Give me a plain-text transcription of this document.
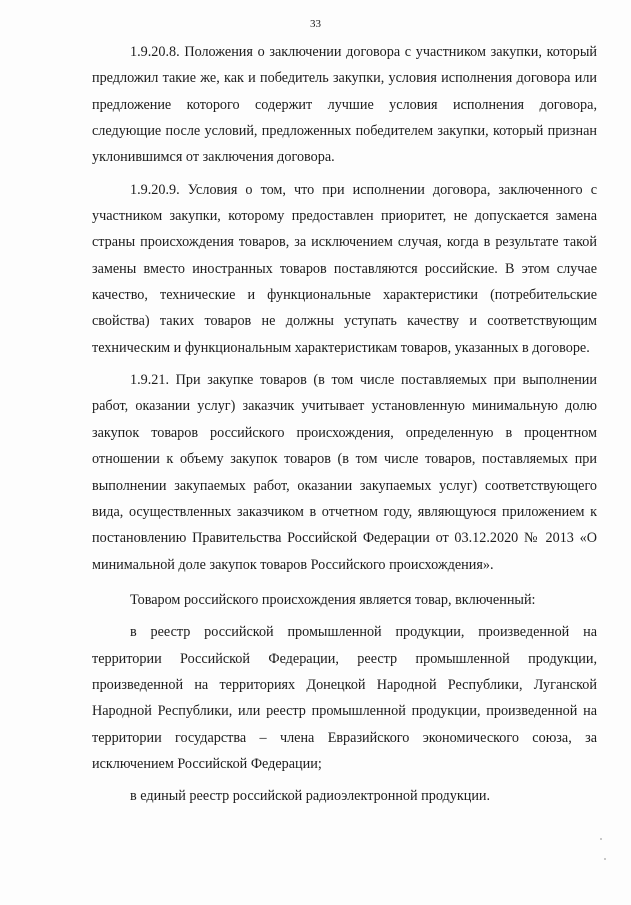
33

1.9.20.8. Положения о заключении договора с участником закупки, который предложил такие же, как и победитель закупки, условия исполнения договора или предложение которого содержит лучшие условия исполнения договора, следующие после условий, предложенных победителем закупки, который признан уклонившимся от заключения договора.

1.9.20.9. Условия о том, что при исполнении договора, заключенного с участником закупки, которому предоставлен приоритет, не допускается замена страны происхождения товаров, за исключением случая, когда в результате такой замены вместо иностранных товаров поставляются российские. В этом случае качество, технические и функциональные характеристики (потребительские свойства) таких товаров не должны уступать качеству и соответствующим техническим и функциональным характеристикам товаров, указанных в договоре.

1.9.21. При закупке товаров (в том числе поставляемых при выполнении работ, оказании услуг) заказчик учитывает установленную минимальную долю закупок товаров российского происхождения, определенную в процентном отношении к объему закупок товаров (в том числе товаров, поставляемых при выполнении закупаемых работ, оказании закупаемых услуг) соответствующего вида, осуществленных заказчиком в отчетном году, являющуюся приложением к постановлению Правительства Российской Федерации от 03.12.2020 № 2013 «О минимальной доле закупок товаров Российского происхождения».

Товаром российского происхождения является товар, включенный:

в реестр российской промышленной продукции, произведенной на территории Российской Федерации, реестр промышленной продукции, произведенной на территориях Донецкой Народной Республики, Луганской Народной Республики, или реестр промышленной продукции, произведенной на территории государства – члена Евразийского экономического союза, за исключением Российской Федерации;

в единый реестр российской радиоэлектронной продукции.
